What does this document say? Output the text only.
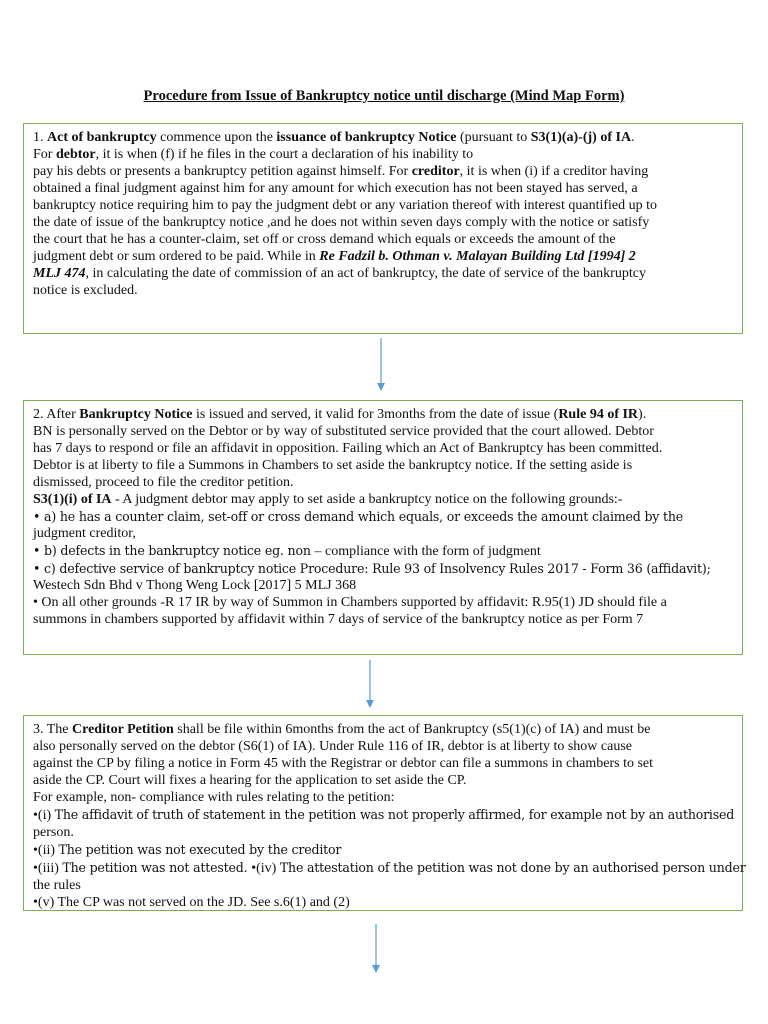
Procedure from Issue of Bankruptcy notice until discharge (Mind Map Form)

1. Act of bankruptcy commence upon the issuance of bankruptcy Notice (pursuant to S3(1)(a)-(j) of IA.

For debtor, it is when (f) if he files in the court a declaration of his inability to

pay his debts or presents a bankruptcy petition against himself. For creditor, it is when (i) if a creditor having

obtained a final judgment against him for any amount for which execution has not been stayed has served, a

bankruptcy notice requiring him to pay the judgment debt or any variation thereof with interest quantified up to

the date of issue of the bankruptcy notice ,and he does not within seven days comply with the notice or satisfy

the court that he has a counter-claim, set off or cross demand which equals or exceeds the amount of the

judgment debt or sum ordered to be paid. While in Re Fadzil b. Othman v. Malayan Building Ltd [1994] 2

MLJ 474, in calculating the date of commission of an act of bankruptcy, the date of service of the bankruptcy

notice is excluded.

2. After Bankruptcy Notice is issued and served, it valid for 3months from the date of issue (Rule 94 of IR).

BN is personally served on the Debtor or by way of substituted service provided that the court allowed. Debtor

has 7 days to respond or file an affidavit in opposition. Failing which an Act of Bankruptcy has been committed.

Debtor is at liberty to file a Summons in Chambers to set aside the bankruptcy notice. If the setting aside is

dismissed, proceed to file the creditor petition.

S3(1)(i) of IA - A judgment debtor may apply to set aside a bankruptcy notice on the following grounds:-

• a) he has a counter claim, set-off or cross demand which equals, or exceeds the amount claimed by the

judgment creditor,

• b) defects in the bankruptcy notice eg. non – compliance with the form of judgment

• c) defective service of bankruptcy notice Procedure: Rule 93 of Insolvency Rules 2017 - Form 36 (affidavit);

Westech Sdn Bhd v Thong Weng Lock [2017] 5 MLJ 368

• On all other grounds -R 17 IR by way of Summon in Chambers supported by affidavit: R.95(1) JD should file a

summons in chambers supported by affidavit within 7 days of service of the bankruptcy notice as per Form 7

3. The Creditor Petition shall be file within 6months from the act of Bankruptcy (s5(1)(c) of IA) and must be

also personally served on the debtor (S6(1) of IA). Under Rule 116 of IR, debtor is at liberty to show cause

against the CP by filing a notice in Form 45 with the Registrar or debtor can file a summons in chambers to set

aside the CP. Court will fixes a hearing for the application to set aside the CP.

For example, non- compliance with rules relating to the petition:

•(i) The affidavit of truth of statement in the petition was not properly affirmed, for example not by an authorised

person.

•(ii) The petition was not executed by the creditor

•(iii) The petition was not attested. •(iv) The attestation of the petition was not done by an authorised person under

the rules

•(v) The CP was not served on the JD. See s.6(1) and (2)
